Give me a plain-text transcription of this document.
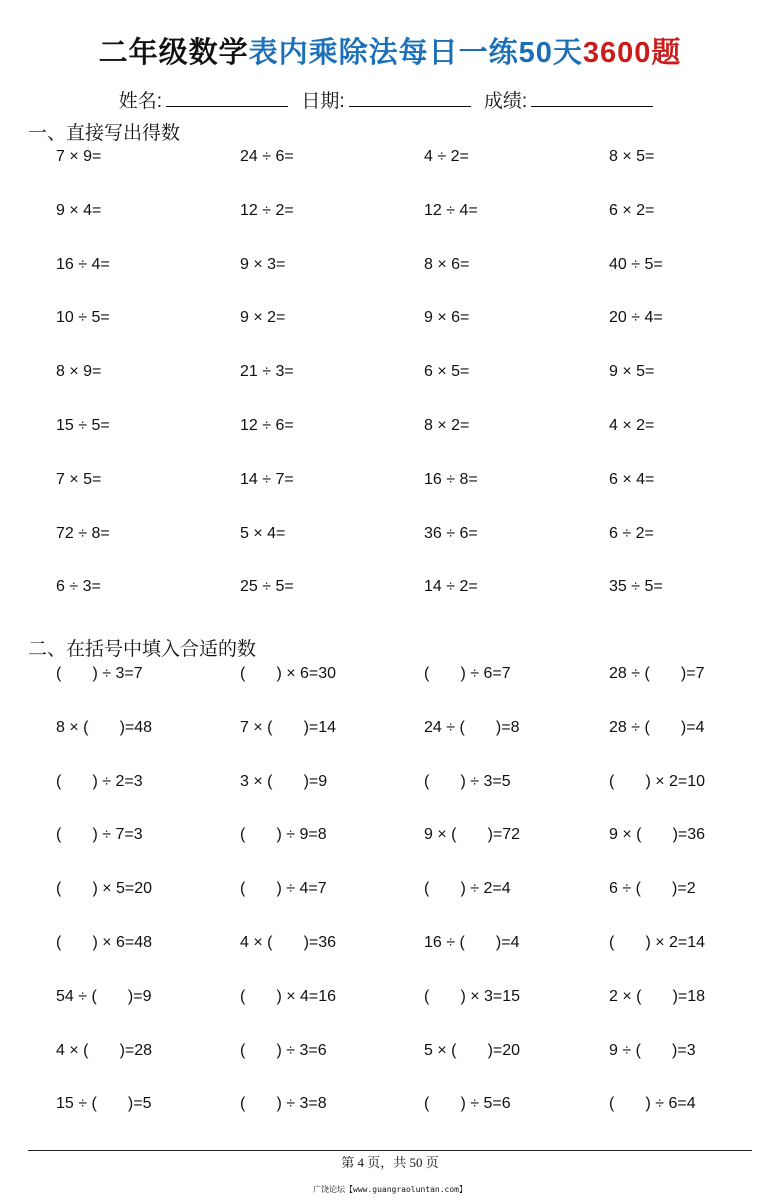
二年级数学表内乘除法每日一练50天3600题
姓名:	日期:	成绩:
一、直接写出得数
7 × 9=	24 ÷ 6=	4 ÷ 2=	8 × 5=
9 × 4=	12 ÷ 2=	12 ÷ 4=	6 × 2=
16 ÷ 4=	9 × 3=	8 × 6=	40 ÷ 5=
10 ÷ 5=	9 × 2=	9 × 6=	20 ÷ 4=
8 × 9=	21 ÷ 3=	6 × 5=	9 × 5=
15 ÷ 5=	12 ÷ 6=	8 × 2=	4 × 2=
7 × 5=	14 ÷ 7=	16 ÷ 8=	6 × 4=
72 ÷ 8=	5 × 4=	36 ÷ 6=	6 ÷ 2=
6 ÷ 3=	25 ÷ 5=	14 ÷ 2=	35 ÷ 5=
二、在括号中填入合适的数
(       ) ÷ 3=7	(       ) × 6=30	(       ) ÷ 6=7	28 ÷ (       )=7
8 × (       )=48	7 × (       )=14	24 ÷ (       )=8	28 ÷ (       )=4
(       ) ÷ 2=3	3 × (       )=9	(       ) ÷ 3=5	(       ) × 2=10
(       ) ÷ 7=3	(       ) ÷ 9=8	9 × (       )=72	9 × (       )=36
(       ) × 5=20	(       ) ÷ 4=7	(       ) ÷ 2=4	6 ÷ (       )=2
(       ) × 6=48	4 × (       )=36	16 ÷ (       )=4	(       ) × 2=14
54 ÷ (       )=9	(       ) × 4=16	(       ) × 3=15	2 × (       )=18
4 × (       )=28	(       ) ÷ 3=6	5 × (       )=20	9 ÷ (       )=3
15 ÷ (       )=5	(       ) ÷ 3=8	(       ) ÷ 5=6	(       ) ÷ 6=4
第 4 页，共 50 页
广饶论坛【www.guangraoluntan.com】
